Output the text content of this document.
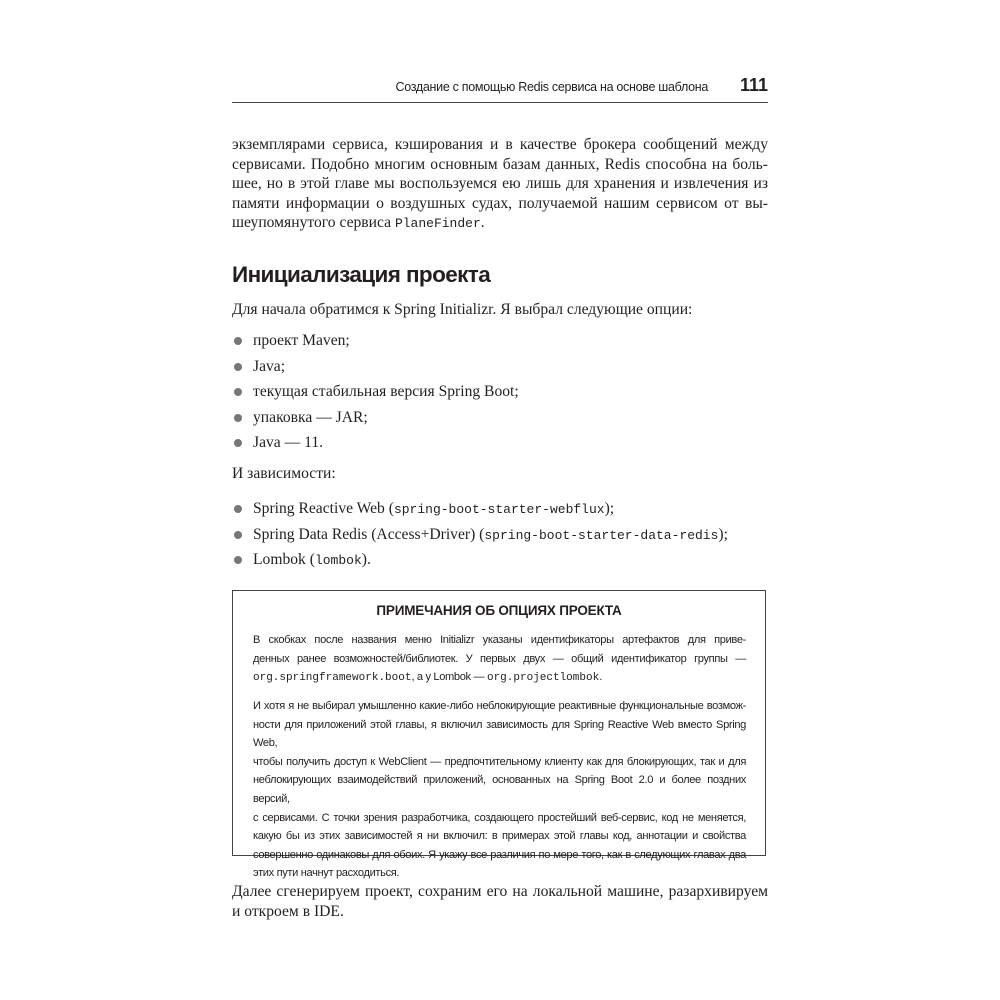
Создание с помощью Redis сервиса на основе шаблона 111
экземплярами сервиса, кэширования и в качестве брокера сообщений между
сервисами. Подобно многим основным базам данных, Redis способна на боль-
шее, но в этой главе мы воспользуемся ею лишь для хранения и извлечения из
памяти информации о воздушных судах, получаемой нашим сервисом от вы-
шеупомянутого сервиса PlaneFinder.
Инициализация проекта
Для начала обратимся к Spring Initializr. Я выбрал следующие опции:
проект Maven;
Java;
текущая стабильная версия Spring Boot;
упаковка — JAR;
Java — 11.
И зависимости:
Spring Reactive Web (spring-boot-starter-webflux);
Spring Data Redis (Access+Driver) (spring-boot-starter-data-redis);
Lombok (lombok).
ПРИМЕЧАНИЯ ОБ ОПЦИЯХ ПРОЕКТА
В скобках после названия меню Initializr указаны идентификаторы артефактов для приве-
денных ранее возможностей/библиотек. У первых двух — общий идентификатор группы —
org.springframework.boot, а у Lombok — org.projectlombok.
И хотя я не выбирал умышленно какие-либо неблокирующие реактивные функциональные возмож-
ности для приложений этой главы, я включил зависимость для Spring Reactive Web вместо Spring Web,
чтобы получить доступ к WebClient — предпочтительному клиенту как для блокирующих, так и для
неблокирующих взаимодействий приложений, основанных на Spring Boot 2.0 и более поздних версий,
с сервисами. С точки зрения разработчика, создающего простейший веб-сервис, код не меняется,
какую бы из этих зависимостей я ни включил: в примерах этой главы код, аннотации и свойства
совершенно одинаковы для обоих. Я укажу все различия по мере того, как в следующих главах два
этих пути начнут расходиться.
Далее сгенерируем проект, сохраним его на локальной машине, разархивируем
и откроем в IDE.
